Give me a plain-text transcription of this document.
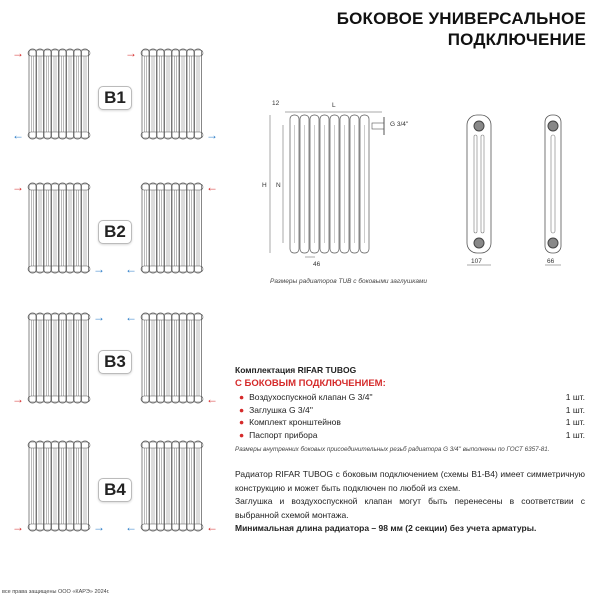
БОКОВОЕ УНИВЕРСАЛЬНОЕ
ПОДКЛЮЧЕНИЕ
→
←
→
→
B1
→
→
←
←
B2
→
→
←
←
B3
→	→	←
←
B4
12	L
H N
46
G 3/4''
107	66
Размеры радиаторов TUB с боковыми заглушками
Комплектация RIFAR TUBOG
С БОКОВЫМ ПОДКЛЮЧЕНИЕМ:
● Воздухоспускной клапан G 3/4''	1 шт.
● Заглушка G 3/4''	1 шт.
● Комплект кронштейнов	1 шт.
● Паспорт прибора	1 шт.
Размеры внутренних боковых присоединительных резьб радиатора G 3/4'' выполнены по ГОСТ 6357-81.
Радиатор RIFAR TUBOG с боковым подключением (схемы B1-B4) имеет симметричную конструкцию и может быть подключен по любой из схем.
Заглушка и воздухоспускной клапан могут быть перенесены в соответствии с выбранной схемой монтажа.
Минимальная длина радиатора – 98 мм (2 секции) без учета арматуры.
все права защищены ООО «КАРЭ» 2024г.
